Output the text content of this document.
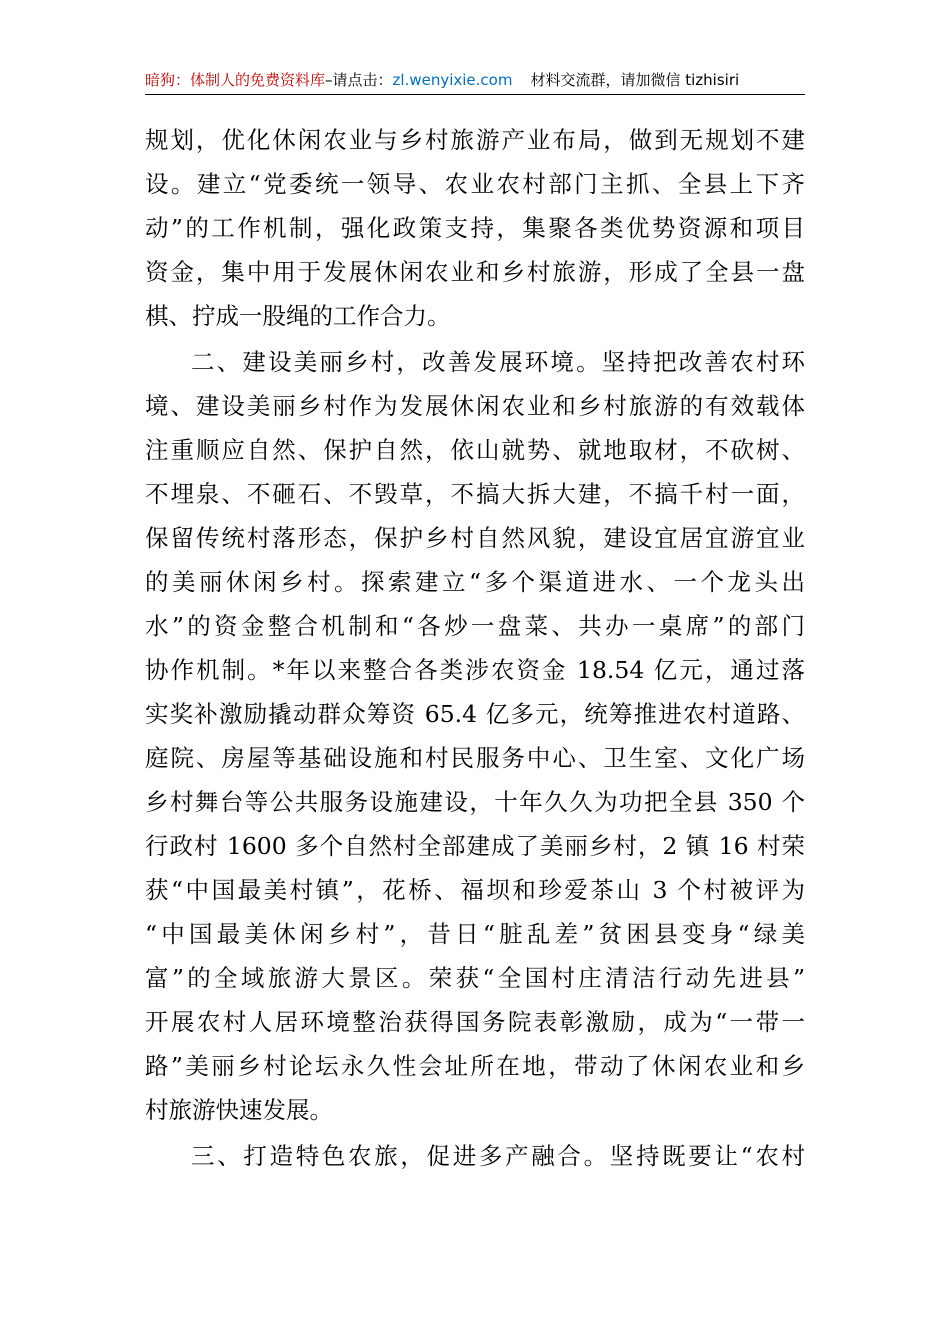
暗狗：体制人的免费资料库–请点击：zl.wenyixie.com 材料交流群，请加微信 tizhisiri
规划，优化休闲农业与乡村旅游产业布局，做到无规划不建
设。建立“党委统一领导、农业农村部门主抓、全县上下齐
动”的工作机制，强化政策支持，集聚各类优势资源和项目
资金，集中用于发展休闲农业和乡村旅游，形成了全县一盘
棋、拧成一股绳的工作合力。
二、建设美丽乡村，改善发展环境。坚持把改善农村环
境、建设美丽乡村作为发展休闲农业和乡村旅游的有效载体
注重顺应自然、保护自然，依山就势、就地取材，不砍树、
不埋泉、不砸石、不毁草，不搞大拆大建，不搞千村一面，
保留传统村落形态，保护乡村自然风貌，建设宜居宜游宜业
的美丽休闲乡村。探索建立“多个渠道进水、一个龙头出
水”的资金整合机制和“各炒一盘菜、共办一桌席”的部门
协作机制。*年以来整合各类涉农资金 18.54 亿元，通过落
实奖补激励撬动群众筹资 65.4 亿多元，统筹推进农村道路、
庭院、房屋等基础设施和村民服务中心、卫生室、文化广场
乡村舞台等公共服务设施建设，十年久久为功把全县 350 个
行政村 1600 多个自然村全部建成了美丽乡村，2 镇 16 村荣
获“中国最美村镇”，花桥、福坝和珍爱茶山 3 个村被评为
“中国最美休闲乡村”，昔日“脏乱差”贫困县变身“绿美
富”的全域旅游大景区。荣获“全国村庄清洁行动先进县”
开展农村人居环境整治获得国务院表彰激励，成为“一带一
路”美丽乡村论坛永久性会址所在地，带动了休闲农业和乡
村旅游快速发展。
三、打造特色农旅，促进多产融合。坚持既要让“农村
